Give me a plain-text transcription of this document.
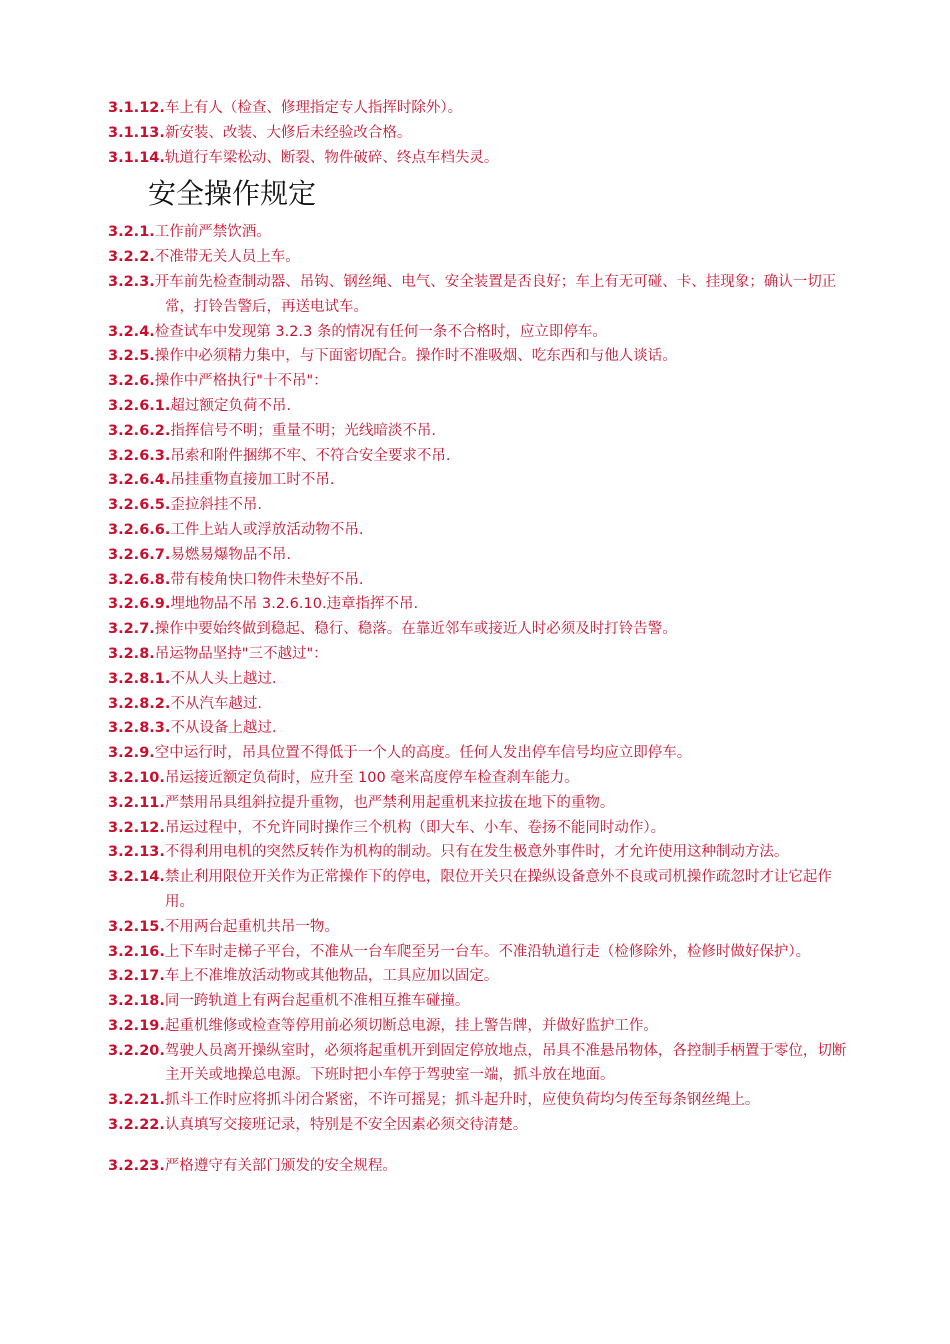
3.1.12.车上有人（检查、修理指定专人指挥时除外）。
3.1.13.新安装、改装、大修后未经验改合格。
3.1.14.轨道行车梁松动、断裂、物件破碎、终点车档失灵。
安全操作规定
3.2.1.工作前严禁饮酒。
3.2.2.不准带无关人员上车。
3.2.3.开车前先检查制动器、吊钩、钢丝绳、电气、安全装置是否良好；车上有无可碰、卡、挂现象；确认一切正常，打铃告警后，再送电试车。
3.2.4.检查试车中发现第 3.2.3 条的情况有任何一条不合格时，应立即停车。
3.2.5.操作中必须精力集中，与下面密切配合。操作时不准吸烟、吃东西和与他人谈话。
3.2.6.操作中严格执行"十不吊"：
3.2.6.1.超过额定负荷不吊.
3.2.6.2.指挥信号不明；重量不明；光线暗淡不吊.
3.2.6.3.吊索和附件捆绑不牢、不符合安全要求不吊.
3.2.6.4.吊挂重物直接加工时不吊.
3.2.6.5.歪拉斜挂不吊.
3.2.6.6.工件上站人或浮放活动物不吊.
3.2.6.7.易燃易爆物品不吊.
3.2.6.8.带有棱角快口物件未垫好不吊.
3.2.6.9.埋地物品不吊 3.2.6.10.违章指挥不吊.
3.2.7.操作中要始终做到稳起、稳行、稳落。在靠近邻车或接近人时必须及时打铃告警。
3.2.8.吊运物品坚持"三不越过"：
3.2.8.1.不从人头上越过.
3.2.8.2.不从汽车越过.
3.2.8.3.不从设备上越过.
3.2.9.空中运行时，吊具位置不得低于一个人的高度。任何人发出停车信号均应立即停车。
3.2.10.吊运接近额定负荷时，应升至 100 毫米高度停车检查刹车能力。
3.2.11.严禁用吊具组斜拉提升重物，也严禁利用起重机来拉拔在地下的重物。
3.2.12.吊运过程中，不允许同时操作三个机构（即大车、小车、卷扬不能同时动作）。
3.2.13.不得利用电机的突然反转作为机构的制动。只有在发生极意外事件时，才允许使用这种制动方法。
3.2.14.禁止利用限位开关作为正常操作下的停电，限位开关只在操纵设备意外不良或司机操作疏忽时才让它起作用。
3.2.15.不用两台起重机共吊一物。
3.2.16.上下车时走梯子平台，不准从一台车爬至另一台车。不准沿轨道行走（检修除外，检修时做好保护）。
3.2.17.车上不准堆放活动物或其他物品，工具应加以固定。
3.2.18.同一跨轨道上有两台起重机不准相互推车碰撞。
3.2.19.起重机维修或检查等停用前必须切断总电源，挂上警告牌，并做好监护工作。
3.2.20.驾驶人员离开操纵室时，必须将起重机开到固定停放地点，吊具不准悬吊物体，各控制手柄置于零位，切断主开关或地操总电源。下班时把小车停于驾驶室一端，抓斗放在地面。
3.2.21.抓斗工作时应将抓斗闭合紧密，不许可摇晃；抓斗起升时，应使负荷均匀传至每条钢丝绳上。
3.2.22.认真填写交接班记录，特别是不安全因素必须交待清楚。
3.2.23.严格遵守有关部门颁发的安全规程。
